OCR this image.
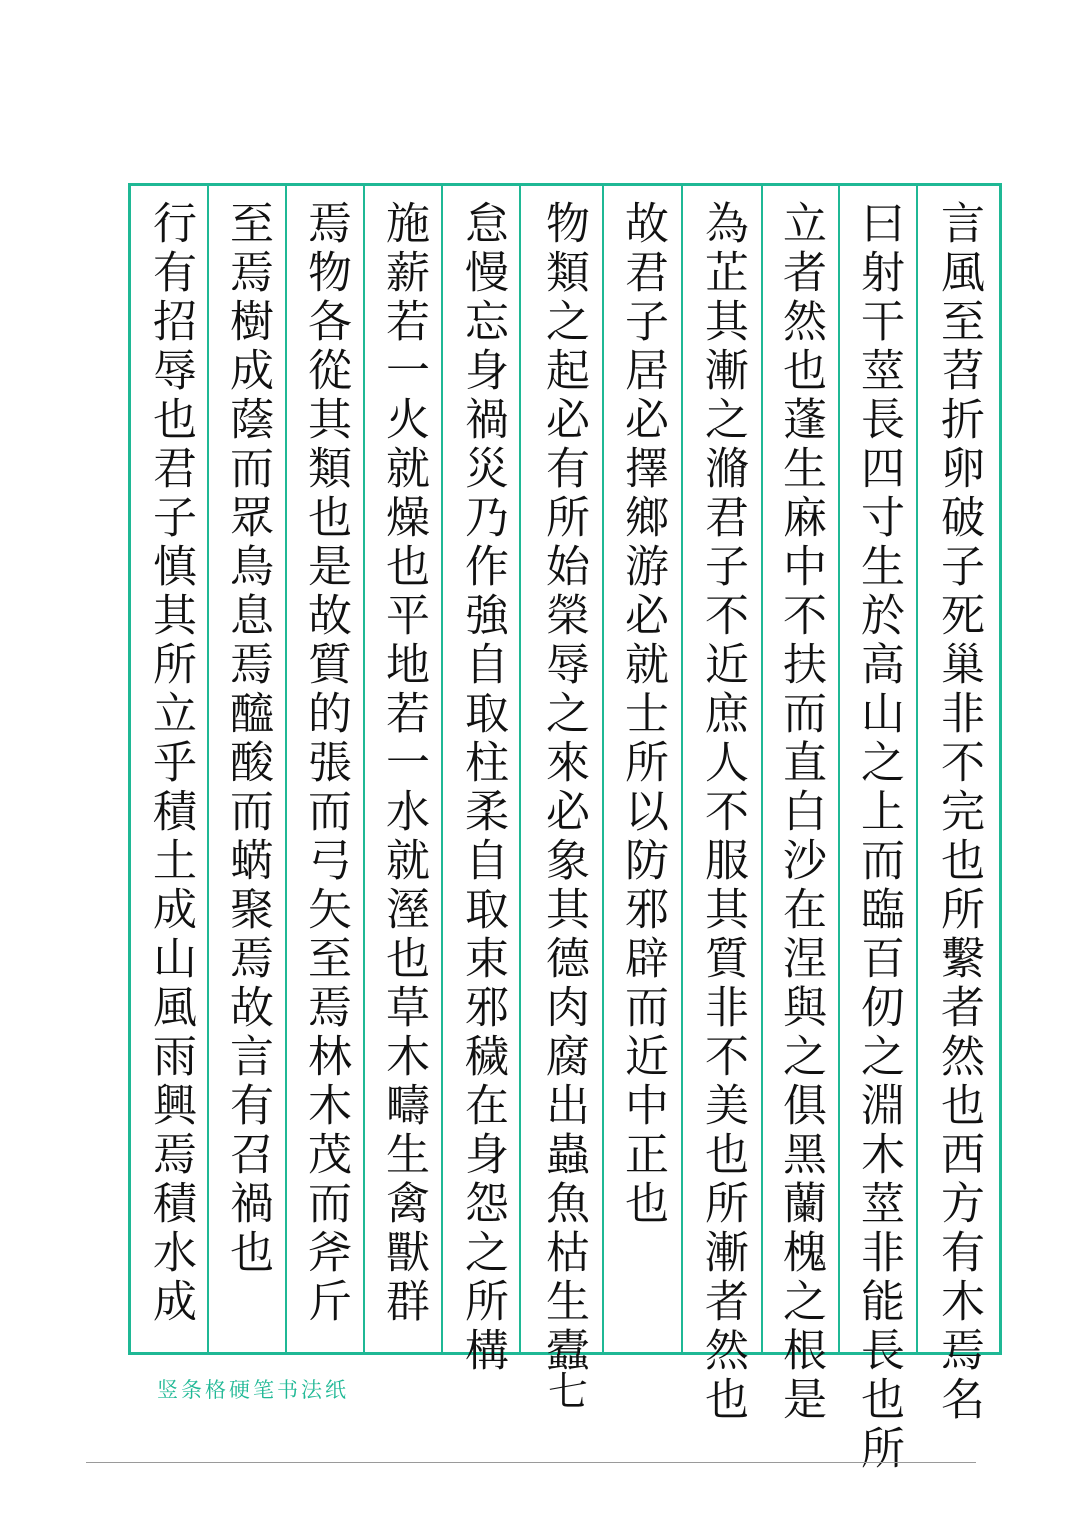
言風至苕折卵破子死巢非不完也所繫者然也西方有木焉名
曰射干莖長四寸生於高山之上而臨百仞之淵木莖非能長也所
立者然也蓬生麻中不扶而直白沙在涅與之俱黑蘭槐之根是
為芷其漸之滫君子不近庶人不服其質非不美也所漸者然也
故君子居必擇鄉游必就士所以防邪辟而近中正也
物類之起必有所始榮辱之來必象其德肉腐出蟲魚枯生蠹
怠慢忘身禍災乃作強自取柱柔自取束邪穢在身怨之所構
施薪若一火就燥也平地若一水就溼也草木疇生禽獸群
焉物各從其類也是故質的張而弓矢至焉林木茂而斧斤
至焉樹成蔭而眾鳥息焉醯酸而蜹聚焉故言有召禍也
行有招辱也君子慎其所立乎積土成山風雨興焉積水成
竖条格硬笔书法纸	七
